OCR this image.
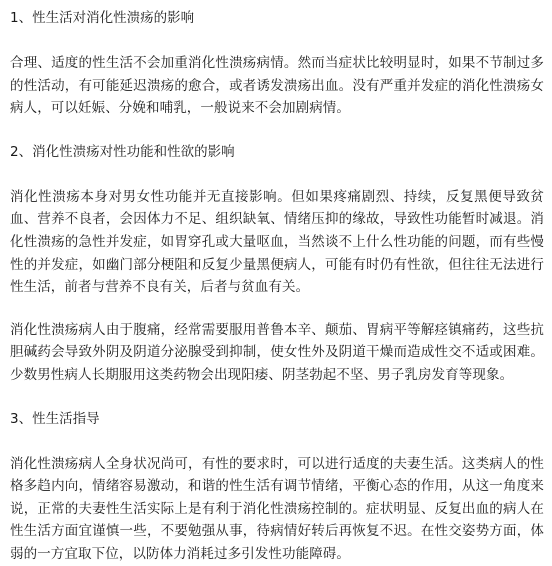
1、性生活对消化性溃疡的影响

合理、适度的性生活不会加重消化性溃疡病情。然而当症状比较明显时，如果不节制过多的性活动，有可能延迟溃疡的愈合，或者诱发溃疡出血。没有严重并发症的消化性溃疡女病人，可以妊娠、分娩和哺乳，一般说来不会加剧病情。

2、消化性溃疡对性功能和性欲的影响

消化性溃疡本身对男女性功能并无直接影响。但如果疼痛剧烈、持续，反复黑便导致贫血、营养不良者，会因体力不足、组织缺氧、情绪压抑的缘故，导致性功能暂时减退。消化性溃疡的急性并发症，如胃穿孔或大量呕血，当然谈不上什么性功能的问题，而有些慢性的并发症，如幽门部分梗阻和反复少量黑便病人，可能有时仍有性欲，但往往无法进行性生活，前者与营养不良有关，后者与贫血有关。

消化性溃疡病人由于腹痛，经常需要服用普鲁本辛、颠茄、胃病平等解痉镇痛药，这些抗胆碱药会导致外阴及阴道分泌腺受到抑制，使女性外及阴道干燥而造成性交不适或困难。少数男性病人长期服用这类药物会出现阳痿、阴茎勃起不坚、男子乳房发育等现象。

3、性生活指导

消化性溃疡病人全身状况尚可，有性的要求时，可以进行适度的夫妻生活。这类病人的性格多趋内向，情绪容易激动，和谐的性生活有调节情绪，平衡心态的作用，从这一角度来说，正常的夫妻性生活实际上是有利于消化性溃疡控制的。症状明显、反复出血的病人在性生活方面宜谨慎一些，不要勉强从事，待病情好转后再恢复不迟。在性交姿势方面，体弱的一方宜取下位，以防体力消耗过多引发性功能障碍。
